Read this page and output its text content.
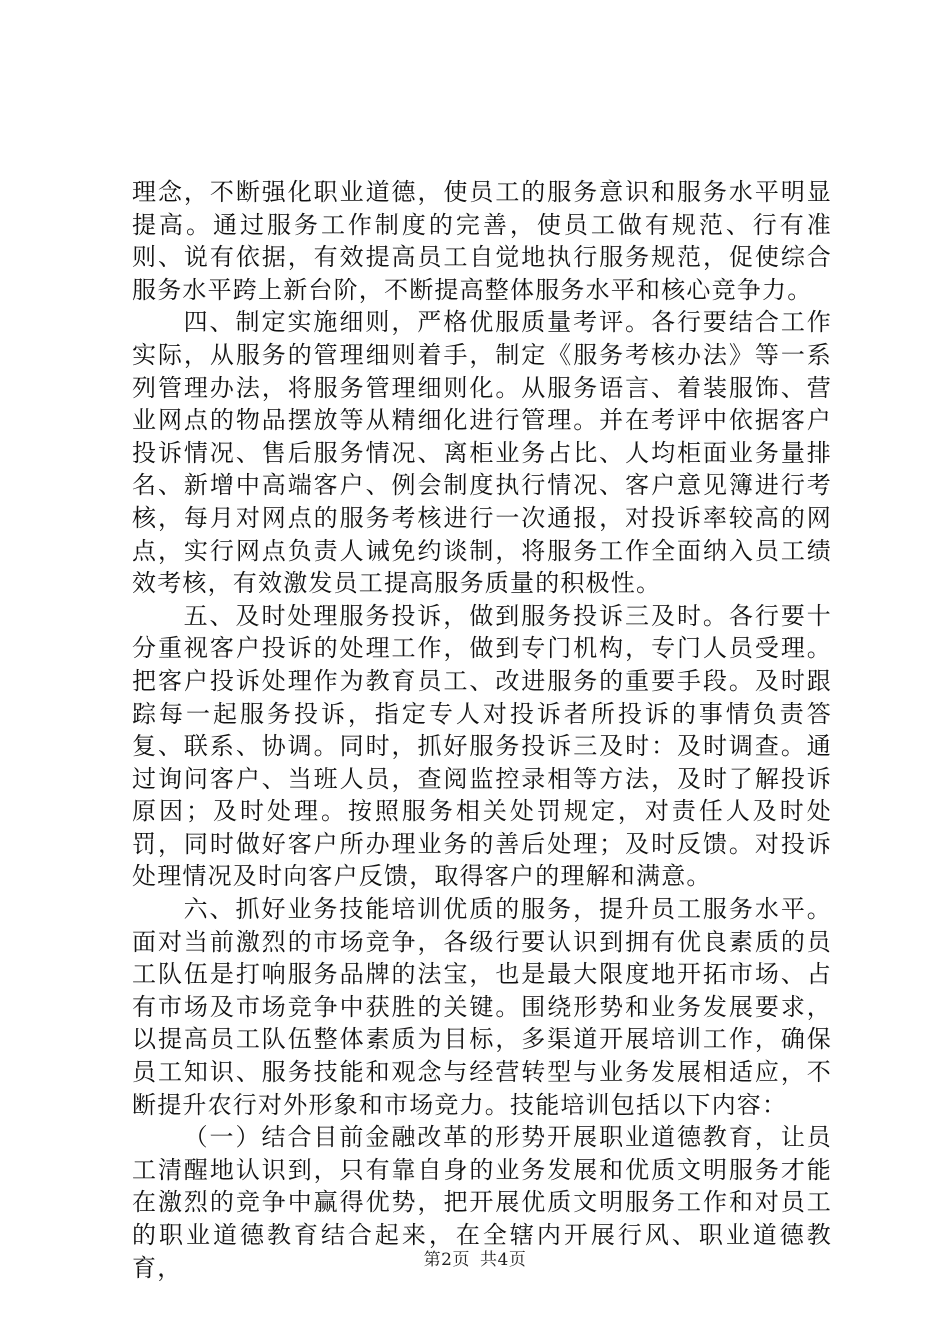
理念，不断强化职业道德，使员工的服务意识和服务水平明显提高。通过服务工作制度的完善，使员工做有规范、行有准则、说有依据，有效提高员工自觉地执行服务规范，促使综合服务水平跨上新台阶，不断提高整体服务水平和核心竞争力。

四、制定实施细则，严格优服质量考评。各行要结合工作实际，从服务的管理细则着手，制定《服务考核办法》等一系列管理办法，将服务管理细则化。从服务语言、着装服饰、营业网点的物品摆放等从精细化进行管理。并在考评中依据客户投诉情况、售后服务情况、离柜业务占比、人均柜面业务量排名、新增中高端客户、例会制度执行情况、客户意见簿进行考核，每月对网点的服务考核进行一次通报，对投诉率较高的网点，实行网点负责人诫免约谈制，将服务工作全面纳入员工绩效考核，有效激发员工提高服务质量的积极性。

五、及时处理服务投诉，做到服务投诉三及时。各行要十分重视客户投诉的处理工作，做到专门机构，专门人员受理。把客户投诉处理作为教育员工、改进服务的重要手段。及时跟踪每一起服务投诉，指定专人对投诉者所投诉的事情负责答复、联系、协调。同时，抓好服务投诉三及时：及时调查。通过询问客户、当班人员，查阅监控录相等方法，及时了解投诉原因；及时处理。按照服务相关处罚规定，对责任人及时处罚，同时做好客户所办理业务的善后处理；及时反馈。对投诉处理情况及时向客户反馈，取得客户的理解和满意。

六、抓好业务技能培训优质的服务，提升员工服务水平。面对当前激烈的市场竞争，各级行要认识到拥有优良素质的员工队伍是打响服务品牌的法宝，也是最大限度地开拓市场、占有市场及市场竞争中获胜的关键。围绕形势和业务发展要求，以提高员工队伍整体素质为目标，多渠道开展培训工作，确保员工知识、服务技能和观念与经营转型与业务发展相适应，不断提升农行对外形象和市场竞力。技能培训包括以下内容：

（一）结合目前金融改革的形势开展职业道德教育，让员工清醒地认识到，只有靠自身的业务发展和优质文明服务才能在激烈的竞争中赢得优势，把开展优质文明服务工作和对员工的职业道德教育结合起来，在全辖内开展行风、职业道德教育，	第2页 共4页
